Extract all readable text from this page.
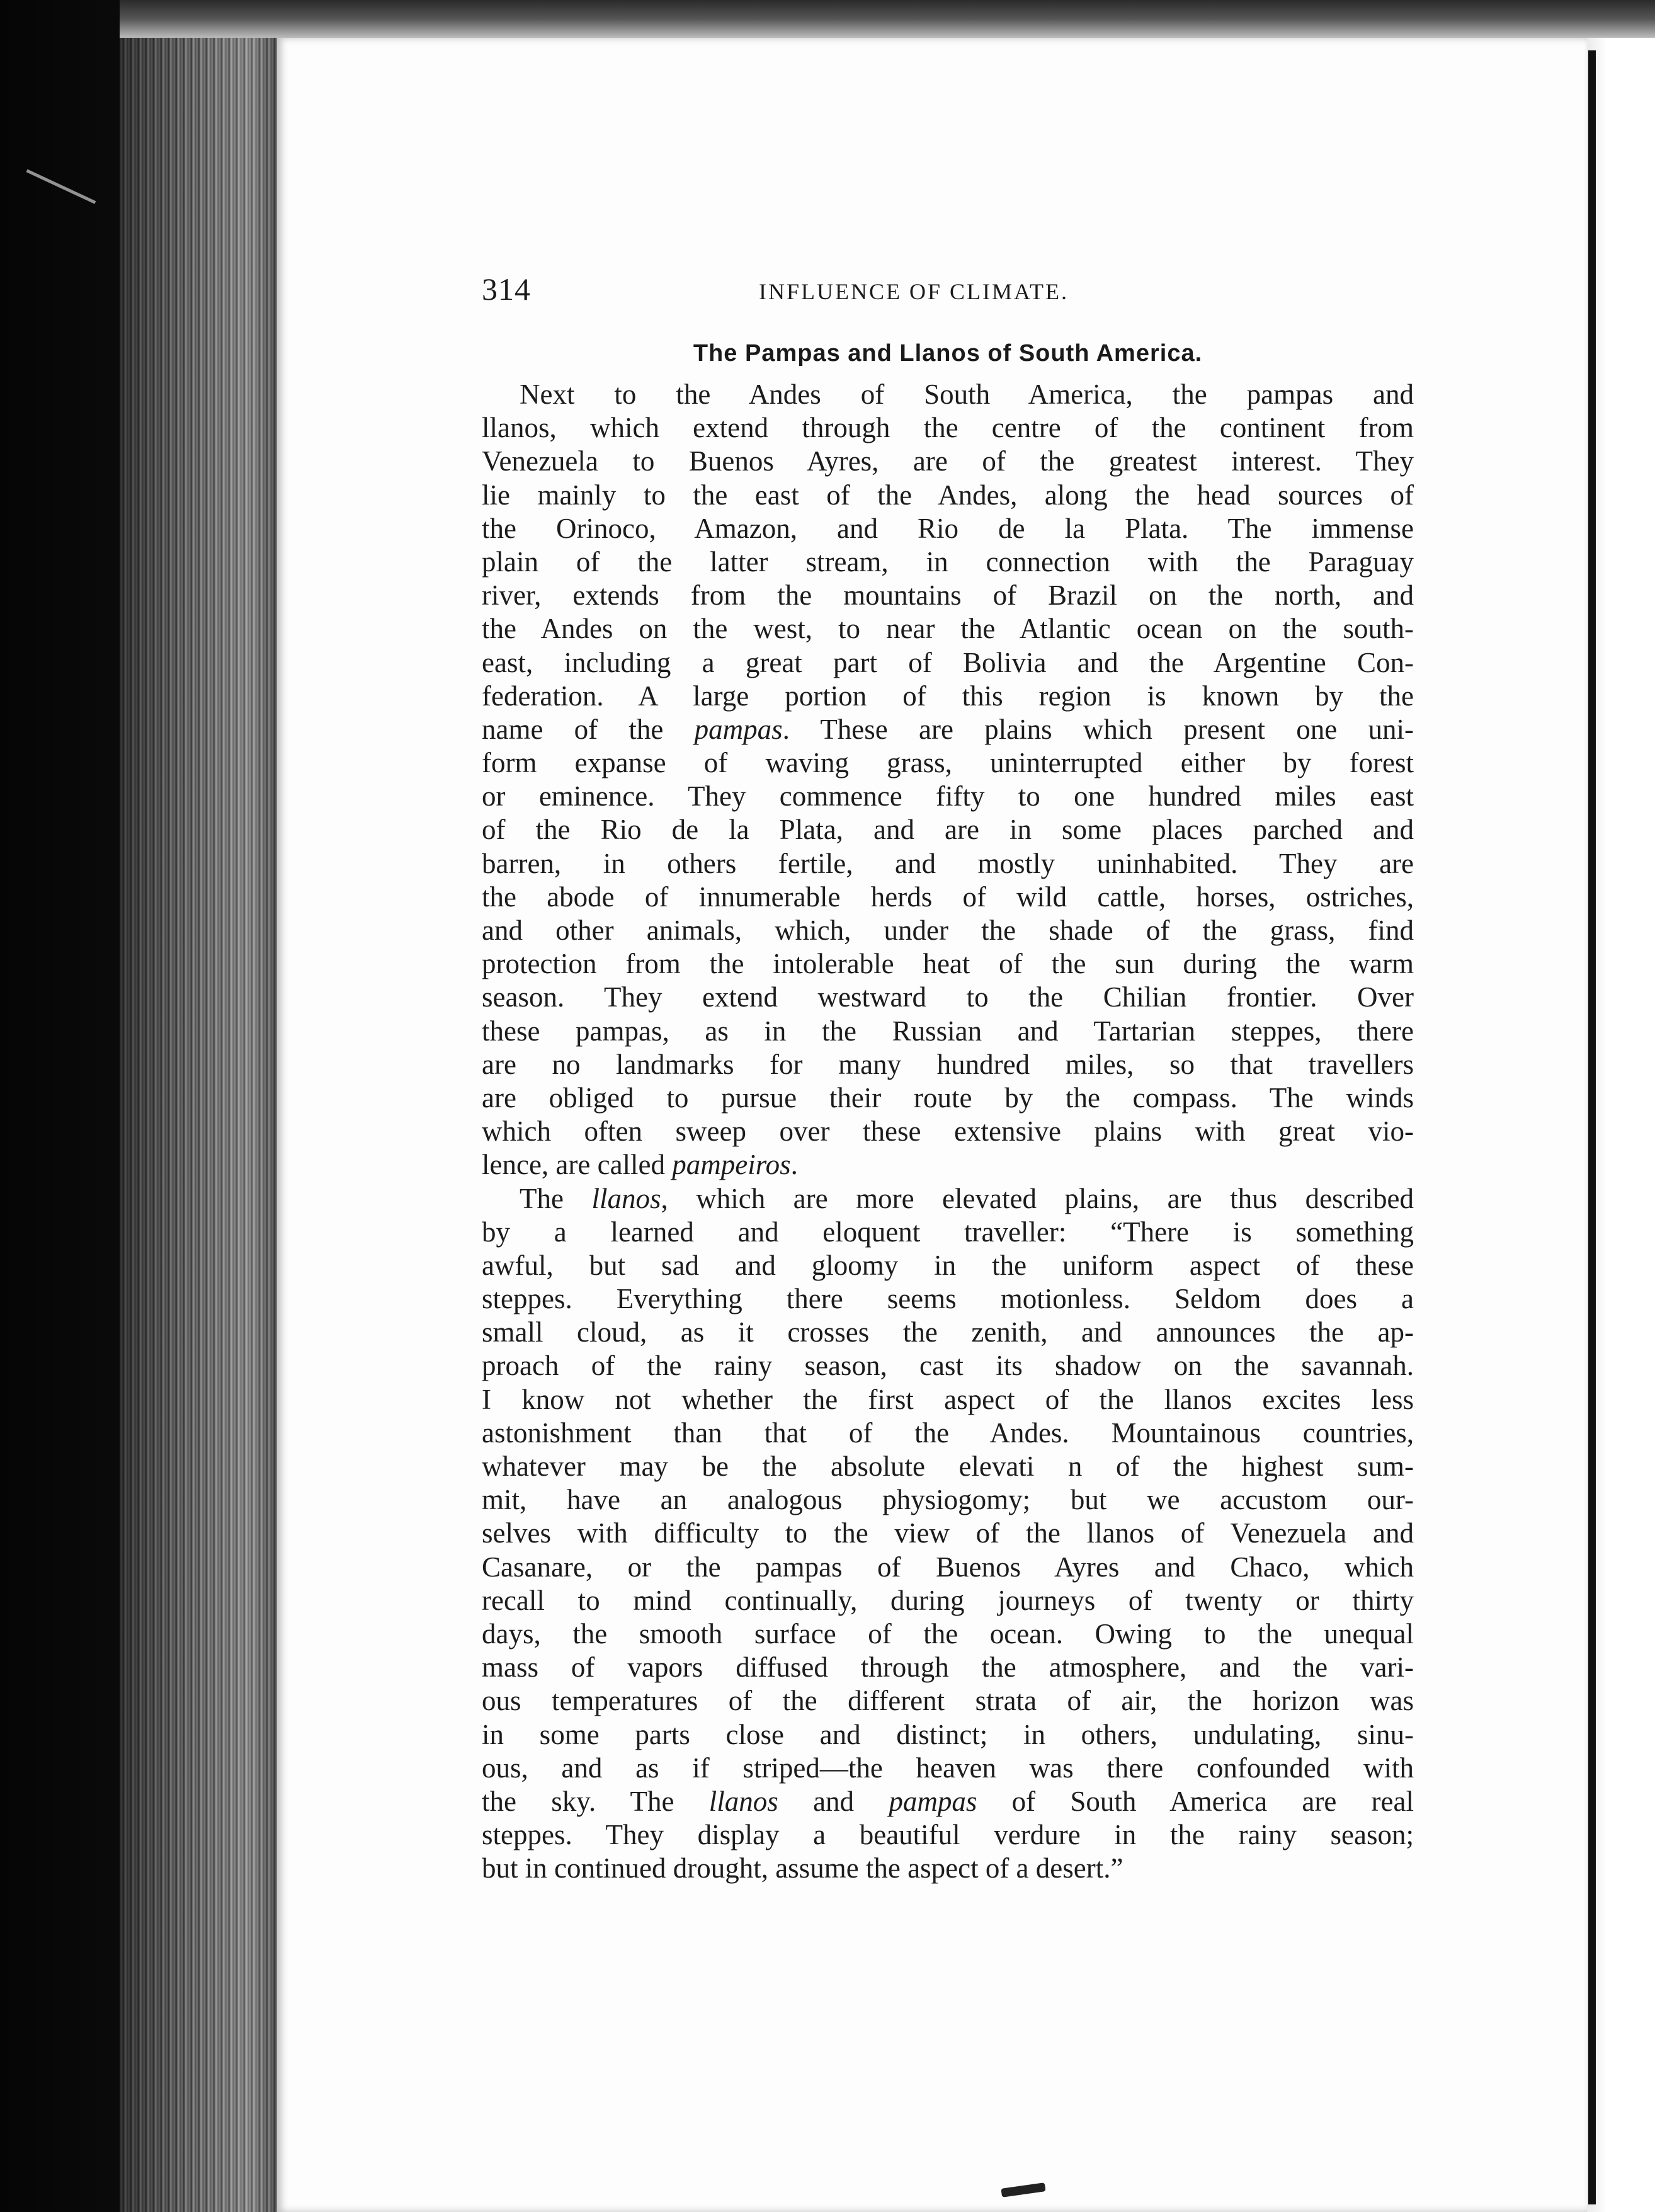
314	INFLUENCE OF CLIMATE.
The Pampas and Llanos of South America.
Next to the Andes of South America, the pampas and
llanos, which extend through the centre of the continent from
Venezuela to Buenos Ayres, are of the greatest interest. They
lie mainly to the east of the Andes, along the head sources of
the Orinoco, Amazon, and Rio de la Plata. The immense
plain of the latter stream, in connection with the Paraguay
river, extends from the mountains of Brazil on the north, and
the Andes on the west, to near the Atlantic ocean on the south-
east, including a great part of Bolivia and the Argentine Con-
federation. A large portion of this region is known by the
name of the pampas. These are plains which present one uni-
form expanse of waving grass, uninterrupted either by forest
or eminence. They commence fifty to one hundred miles east
of the Rio de la Plata, and are in some places parched and
barren, in others fertile, and mostly uninhabited. They are
the abode of innumerable herds of wild cattle, horses, ostriches,
and other animals, which, under the shade of the grass, find
protection from the intolerable heat of the sun during the warm
season. They extend westward to the Chilian frontier. Over
these pampas, as in the Russian and Tartarian steppes, there
are no landmarks for many hundred miles, so that travellers
are obliged to pursue their route by the compass. The winds
which often sweep over these extensive plains with great vio-
lence, are called pampeiros.
The llanos, which are more elevated plains, are thus described
by a learned and eloquent traveller: “There is something
awful, but sad and gloomy in the uniform aspect of these
steppes. Everything there seems motionless. Seldom does a
small cloud, as it crosses the zenith, and announces the ap-
proach of the rainy season, cast its shadow on the savannah.
I know not whether the first aspect of the llanos excites less
astonishment than that of the Andes. Mountainous countries,
whatever may be the absolute elevati n of the highest sum-
mit, have an analogous physiogomy; but we accustom our-
selves with difficulty to the view of the llanos of Venezuela and
Casanare, or the pampas of Buenos Ayres and Chaco, which
recall to mind continually, during journeys of twenty or thirty
days, the smooth surface of the ocean. Owing to the unequal
mass of vapors diffused through the atmosphere, and the vari-
ous temperatures of the different strata of air, the horizon was
in some parts close and distinct; in others, undulating, sinu-
ous, and as if striped—the heaven was there confounded with
the sky. The llanos and pampas of South America are real
steppes. They display a beautiful verdure in the rainy season;
but in continued drought, assume the aspect of a desert.”
